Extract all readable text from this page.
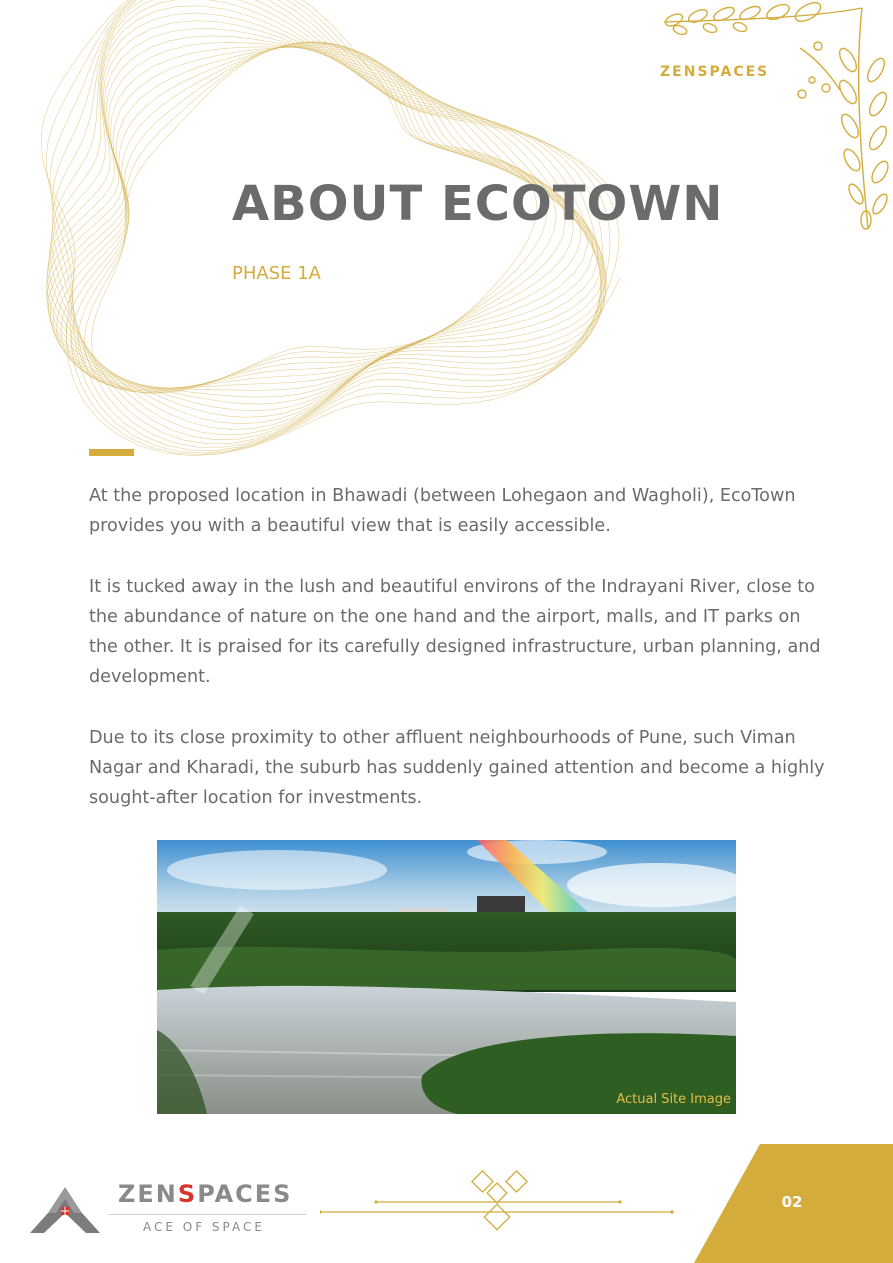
ZENSPACES
ABOUT ECOTOWN
PHASE 1A

At the proposed location in Bhawadi (between Lohegaon and Wagholi), EcoTown provides you with a beautiful view that is easily accessible.

It is tucked away in the lush and beautiful environs of the Indrayani River, close to the abundance of nature on the one hand and the airport, malls, and IT parks on the other. It is praised for its carefully designed infrastructure, urban planning, and development.

Due to its close proximity to other affluent neighbourhoods of Pune, such Viman Nagar and Kharadi, the suburb has suddenly gained attention and become a highly sought-after location for investments.

Actual Site Image
ZENSPACES
ACE OF SPACE
02
